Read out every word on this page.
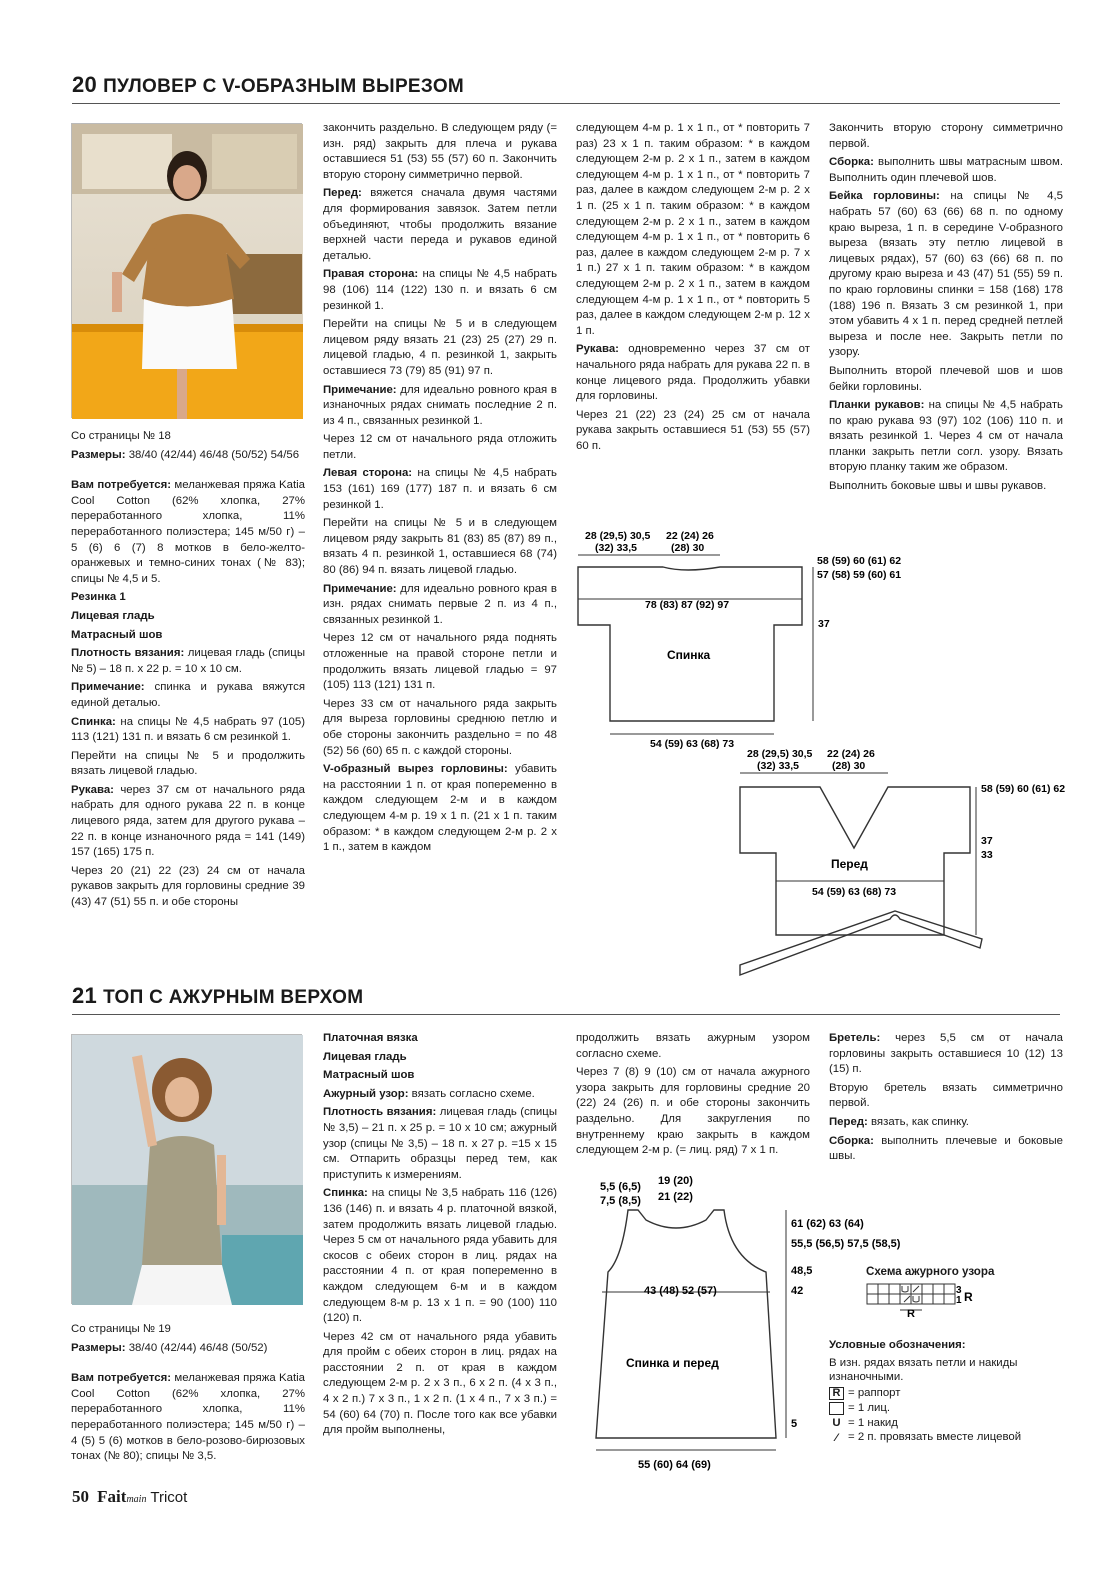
20 ПУЛОВЕР С V-ОБРАЗНЫМ ВЫРЕЗОМ

Со страницы № 18

Размеры: 38/40 (42/44) 46/48 (50/52) 54/56

Вам потребуется: меланжевая пряжа Katia Cool Cotton (62% хлопка, 27% переработанного хлопка, 11% переработанного полиэстера; 145 м/50 г) – 5 (6) 6 (7) 8 мотков в бело-желто-оранжевых и темно-синих тонах (№ 83); спицы № 4,5 и 5.

Резинка 1

Лицевая гладь

Матрасный шов

Плотность вязания: лицевая гладь (спицы № 5) – 18 п. х 22 р. = 10 х 10 см.

Примечание: спинка и рукава вяжутся единой деталью.

Спинка: на спицы № 4,5 набрать 97 (105) 113 (121) 131 п. и вязать 6 см резинкой 1.

Перейти на спицы № 5 и продолжить вязать лицевой гладью.

Рукава: через 37 см от начального ряда набрать для одного рукава 22 п. в конце лицевого ряда, затем для другого рукава – 22 п. в конце изнаночного ряда = 141 (149) 157 (165) 175 п.

Через 20 (21) 22 (23) 24 см от начала рукавов закрыть для горловины средние 39 (43) 47 (51) 55 п. и обе стороны

закончить раздельно. В следующем ряду (= изн. ряд) закрыть для плеча и рукава оставшиеся 51 (53) 55 (57) 60 п. Закончить вторую сторону симметрично первой.

Перед: вяжется сначала двумя частями для формирования завязок. Затем петли объединяют, чтобы продолжить вязание верхней части переда и рукавов единой деталью.

Правая сторона: на спицы № 4,5 набрать 98 (106) 114 (122) 130 п. и вязать 6 см резинкой 1.

Перейти на спицы № 5 и в следующем лицевом ряду вязать 21 (23) 25 (27) 29 п. лицевой гладью, 4 п. резинкой 1, закрыть оставшиеся 73 (79) 85 (91) 97 п.

Примечание: для идеально ровного края в изнаночных рядах снимать последние 2 п. из 4 п., связанных резинкой 1.

Через 12 см от начального ряда отложить петли.

Левая сторона: на спицы № 4,5 набрать 153 (161) 169 (177) 187 п. и вязать 6 см резинкой 1.

Перейти на спицы № 5 и в следующем лицевом ряду закрыть 81 (83) 85 (87) 89 п., вязать 4 п. резинкой 1, оставшиеся 68 (74) 80 (86) 94 п. вязать лицевой гладью.

Примечание: для идеально ровного края в изн. рядах снимать первые 2 п. из 4 п., связанных резинкой 1.

Через 12 см от начального ряда поднять отложенные на правой стороне петли и продолжить вязать лицевой гладью = 97 (105) 113 (121) 131 п.

Через 33 см от начального ряда закрыть для выреза горловины среднюю петлю и обе стороны закончить раздельно = по 48 (52) 56 (60) 65 п. с каждой стороны.

V-образный вырез горловины: убавить на расстоянии 1 п. от края попеременно в каждом следующем 2-м и в каждом следующем 4-м р. 19 х 1 п. (21 х 1 п. таким образом: * в каждом следующем 2-м р. 2 х 1 п., затем в каждом

следующем 4-м р. 1 х 1 п., от * повторить 7 раз) 23 х 1 п. таким образом: * в каждом следующем 2-м р. 2 х 1 п., затем в каждом следующем 4-м р. 1 х 1 п., от * повторить 7 раз, далее в каждом следующем 2-м р. 2 х 1 п. (25 х 1 п. таким образом: * в каждом следующем 2-м р. 2 х 1 п., затем в каждом следующем 4-м р. 1 х 1 п., от * повторить 6 раз, далее в каждом следующем 2-м р. 7 х 1 п.) 27 х 1 п. таким образом: * в каждом следующем 2-м р. 2 х 1 п., затем в каждом следующем 4-м р. 1 х 1 п., от * повторить 5 раз, далее в каждом следующем 2-м р. 12 х 1 п.

Рукава: одновременно через 37 см от начального ряда набрать для рукава 22 п. в конце лицевого ряда. Продолжить убавки для горловины.

Через 21 (22) 23 (24) 25 см от начала рукава закрыть оставшиеся 51 (53) 55 (57) 60 п.

Закончить вторую сторону симметрично первой.

Сборка: выполнить швы матрасным швом. Выполнить один плечевой шов.

Бейка горловины: на спицы № 4,5 набрать 57 (60) 63 (66) 68 п. по одному краю выреза, 1 п. в середине V-образного выреза (вязать эту петлю лицевой в лицевых рядах), 57 (60) 63 (66) 68 п. по другому краю выреза и 43 (47) 51 (55) 59 п. по краю горловины спинки = 158 (168) 178 (188) 196 п. Вязать 3 см резинкой 1, при этом убавить 4 х 1 п. перед средней петлей выреза и после нее. Закрыть петли по узору.

Выполнить второй плечевой шов и шов бейки горловины.

Планки рукавов: на спицы № 4,5 набрать по краю рукава 93 (97) 102 (106) 110 п. и вязать резинкой 1. Через 4 см от начала планки закрыть петли согл. узору. Вязать вторую планку таким же образом.

Выполнить боковые швы и швы рукавов.

28 (29,5) 30,5
(32) 33,5
22 (24) 26
(28) 30
58 (59) 60 (61) 62
57 (58) 59 (60) 61
78 (83) 87 (92) 97
37
Спинка
54 (59) 63 (68) 73
28 (29,5) 30,5
(32) 33,5
22 (24) 26
(28) 30
58 (59) 60 (61) 62
37
33
Перед
54 (59) 63 (68) 73
21 ТОП С АЖУРНЫМ ВЕРХОМ

Со страницы № 19

Размеры: 38/40 (42/44) 46/48 (50/52)

Вам потребуется: меланжевая пряжа Katia Cool Cotton (62% хлопка, 27% переработанного хлопка, 11% переработанного полиэстера; 145 м/50 г) – 4 (5) 5 (6) мотков в бело-розово-бирюзовых тонах (№ 80); спицы № 3,5.

Платочная вязка

Лицевая гладь

Матрасный шов

Ажурный узор: вязать согласно схеме.

Плотность вязания: лицевая гладь (спицы № 3,5) – 21 п. х 25 р. = 10 х 10 см; ажурный узор (спицы № 3,5) – 18 п. х 27 р. =15 х 15 см. Отпарить образцы перед тем, как приступить к измерениям.

Спинка: на спицы № 3,5 набрать 116 (126) 136 (146) п. и вязать 4 р. платочной вязкой, затем продолжить вязать лицевой гладью. Через 5 см от начального ряда убавить для скосов с обеих сторон в лиц. рядах на расстоянии 4 п. от края попеременно в каждом следующем 6-м и в каждом следующем 8-м р. 13 х 1 п. = 90 (100) 110 (120) п.

Через 42 см от начального ряда убавить для пройм с обеих сторон в лиц. рядах на расстоянии 2 п. от края в каждом следующем 2-м р. 2 х 3 п., 6 х 2 п. (4 х 3 п., 4 х 2 п.) 7 х 3 п., 1 х 2 п. (1 х 4 п., 7 х 3 п.) = 54 (60) 64 (70) п. После того как все убавки для пройм выполнены,

продолжить вязать ажурным узором согласно схеме.

Через 7 (8) 9 (10) см от начала ажурного узора закрыть для горловины средние 20 (22) 24 (26) п. и обе стороны закончить раздельно. Для закругления по внутреннему краю закрыть в каждом следующем 2-м р. (= лиц. ряд) 7 х 1 п.

Бретель: через 5,5 см от начала горловины закрыть оставшиеся 10 (12) 13 (15) п.

Вторую бретель вязать симметрично первой.

Перед: вязать, как спинку.

Сборка: выполнить плечевые и боковые швы.

5,5 (6,5)
7,5 (8,5)
19 (20)
21 (22)
61 (62) 63 (64)
55,5 (56,5) 57,5 (58,5)
48,5
42
5
43 (48) 52 (57)
Спинка и перед
55 (60) 64 (69)
Схема ажурного узора
3
1 R
R
Условные обозначения:
В изн. рядах вязать петли и накиды изнаночными.
R = раппорт
= 1 лиц.
U = 1 накид
⁄ = 2 п. провязать вместе лицевой
50 Faitmain Tricot
